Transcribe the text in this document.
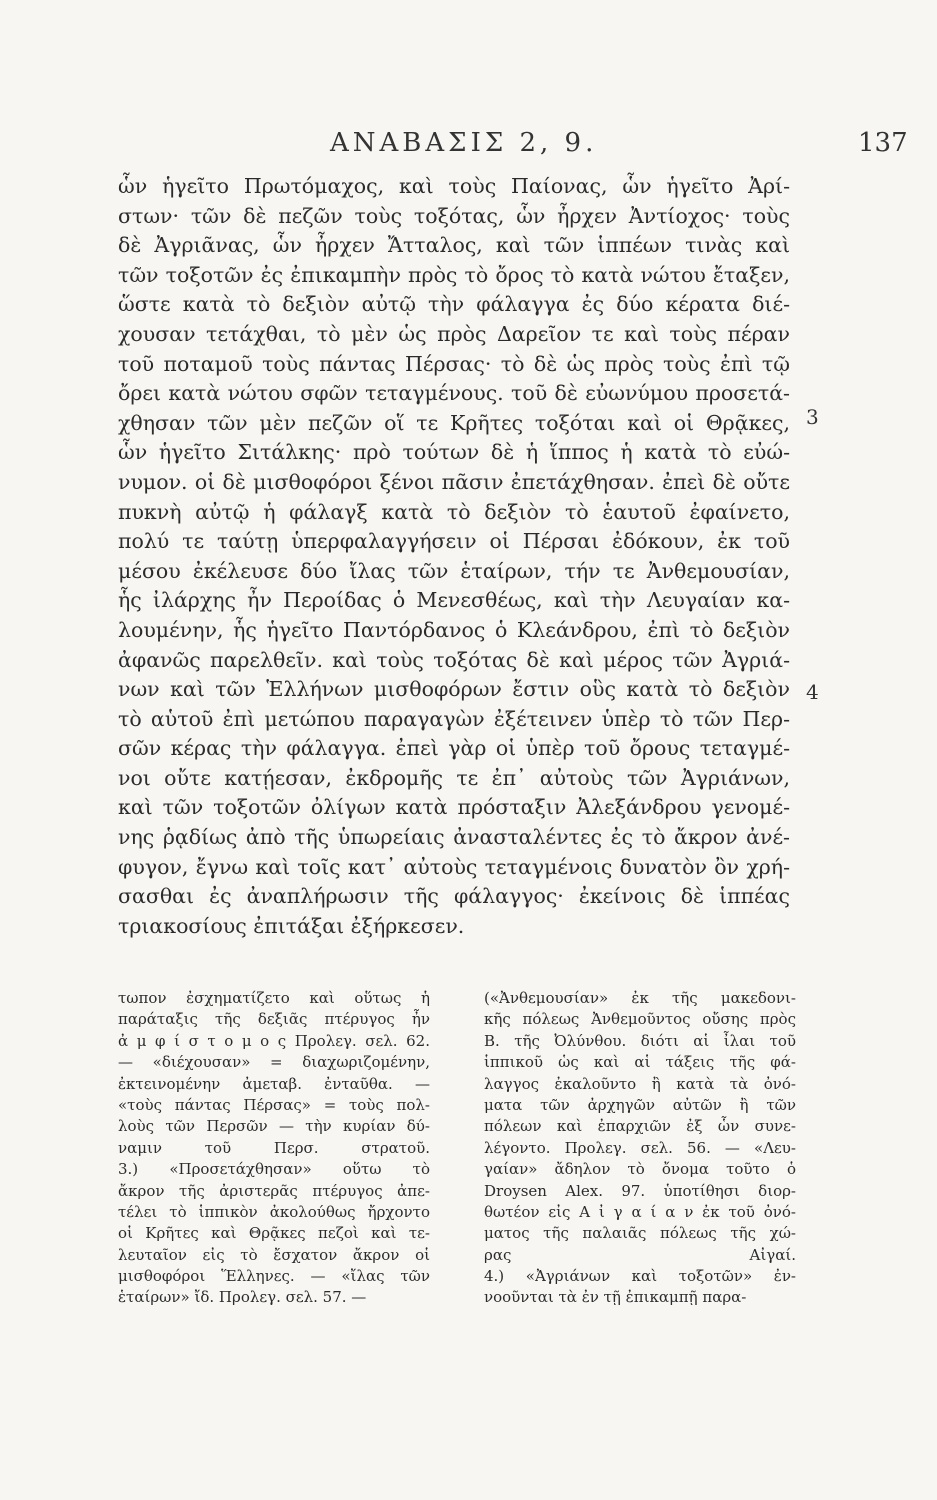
ΑΝΑΒΑΣΙΣ 2, 9.	137
ὧν ἡγεῖτο Πρωτόμαχος, καὶ τοὺς Παίονας, ὧν ἡγεῖτο Ἀρί-
στων· τῶν δὲ πεζῶν τοὺς τοξότας, ὧν ἦρχεν Ἀντίοχος· τοὺς
δὲ Ἀγριᾶνας, ὧν ἦρχεν Ἄτταλος, καὶ τῶν ἱππέων τινὰς καὶ
τῶν τοξοτῶν ἐς ἐπικαμπὴν πρὸς τὸ ὄρος τὸ κατὰ νώτου ἔταξεν,
ὥστε κατὰ τὸ δεξιὸν αὐτῷ τὴν φάλαγγα ἐς δύο κέρατα διέ-
χουσαν τετάχθαι, τὸ μὲν ὡς πρὸς Δαρεῖον τε καὶ τοὺς πέραν
τοῦ ποταμοῦ τοὺς πάντας Πέρσας· τὸ δὲ ὡς πρὸς τοὺς ἐπὶ τῷ
ὄρει κατὰ νώτου σφῶν τεταγμένους. τοῦ δὲ εὐωνύμου προσετά-
χθησαν τῶν μὲν πεζῶν οἵ τε Κρῆτες τοξόται καὶ οἱ Θρᾷκες,
ὧν ἡγεῖτο Σιτάλκης· πρὸ τούτων δὲ ἡ ἵππος ἡ κατὰ τὸ εὐώ-
νυμον. οἱ δὲ μισθοφόροι ξένοι πᾶσιν ἐπετάχθησαν. ἐπεὶ δὲ οὔτε
πυκνὴ αὐτῷ ἡ φάλαγξ κατὰ τὸ δεξιὸν τὸ ἑαυτοῦ ἐφαίνετο,
πολύ τε ταύτῃ ὑπερφαλαγγήσειν οἱ Πέρσαι ἐδόκουν, ἐκ τοῦ
μέσου ἐκέλευσε δύο ἴλας τῶν ἑταίρων, τήν τε Ἀνθεμουσίαν,
ἧς ἰλάρχης ἦν Περοίδας ὁ Μενεσθέως, καὶ τὴν Λευγαίαν κα-
λουμένην, ἧς ἡγεῖτο Παντόρδανος ὁ Κλεάνδρου, ἐπὶ τὸ δεξιὸν
ἀφανῶς παρελθεῖν. καὶ τοὺς τοξότας δὲ καὶ μέρος τῶν Ἀγριά-
νων καὶ τῶν Ἑλλήνων μισθοφόρων ἔστιν οὓς κατὰ τὸ δεξιὸν
τὸ αὑτοῦ ἐπὶ μετώπου παραγαγὼν ἐξέτεινεν ὑπὲρ τὸ τῶν Περ-
σῶν κέρας τὴν φάλαγγα. ἐπεὶ γὰρ οἱ ὑπὲρ τοῦ ὄρους τεταγμέ-
νοι οὔτε κατῄεσαν, ἐκδρομῆς τε ἐπ᾽ αὐτοὺς τῶν Ἀγριάνων,
καὶ τῶν τοξοτῶν ὀλίγων κατὰ πρόσταξιν Ἀλεξάνδρου γενομέ-
νης ῥᾳδίως ἀπὸ τῆς ὑπωρείαις ἀνασταλέντες ἐς τὸ ἄκρον ἀνέ-
φυγον, ἔγνω καὶ τοῖς κατ᾽ αὐτοὺς τεταγμένοις δυνατὸν ὂν χρή-
σασθαι ἐς ἀναπλήρωσιν τῆς φάλαγγος· ἐκείνοις δὲ ἱππέας
τριακοσίους ἐπιτάξαι ἐξήρκεσεν.
3
4
τωπον ἐσχηματίζετο καὶ οὕτως ἡ
παράταξις τῆς δεξιᾶς πτέρυγος ἦν
ἀ μ φ ί σ τ ο μ ο ς Προλεγ. σελ. 62.
— «διέχουσαν» = διαχωριζομένην,
ἐκτεινομένην ἀμεταβ. ἐνταῦθα. —
«τοὺς πάντας Πέρσας» = τοὺς πολ-
λοὺς τῶν Περσῶν — τὴν κυρίαν δύ-
ναμιν τοῦ Περσ. στρατοῦ.
3.) «Προσετάχθησαν» οὕτω τὸ
ἄκρον τῆς ἀριστερᾶς πτέρυγος ἀπε-
τέλει τὸ ἱππικὸν ἀκολούθως ἤρχοντο
οἱ Κρῆτες καὶ Θρᾷκες πεζοὶ καὶ τε-
λευταῖον εἰς τὸ ἔσχατον ἄκρον οἱ
μισθοφόροι Ἕλληνες. — «ἴλας τῶν
ἑταίρων» ἴδ. Προλεγ. σελ. 57. —
(«Ἀνθεμουσίαν» ἐκ τῆς μακεδονι-
κῆς πόλεως Ἀνθεμοῦντος οὔσης πρὸς
Β. τῆς Ὀλύνθου. διότι αἱ ἶλαι τοῦ
ἱππικοῦ ὡς καὶ αἱ τάξεις τῆς φά-
λαγγος ἐκαλοῦντο ἢ κατὰ τὰ ὀνό-
ματα τῶν ἀρχηγῶν αὐτῶν ἢ τῶν
πόλεων καὶ ἐπαρχιῶν ἐξ ὧν συνε-
λέγοντο. Προλεγ. σελ. 56. — «Λευ-
γαίαν» ἄδηλον τὸ ὄνομα τοῦτο ὁ
Droysen Alex. 97. ὑποτίθησι διορ-
θωτέον εἰς Α ἰ γ α ί α ν ἐκ τοῦ ὀνό-
ματος τῆς παλαιᾶς πόλεως τῆς χώ-
ρας Αἰγαί.
4.) «Ἀγριάνων καὶ τοξοτῶν» ἐν-
νοοῦνται τὰ ἐν τῇ ἐπικαμπῇ παρα-
